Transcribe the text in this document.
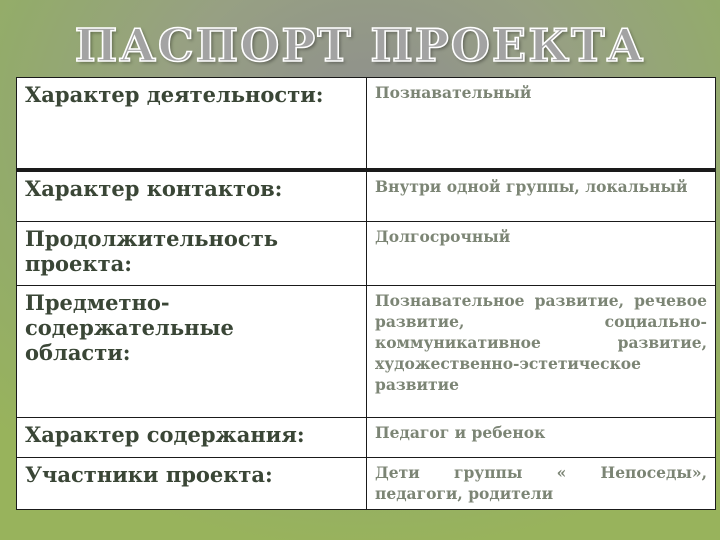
ПАСПОРТ ПРОЕКТА
Характер деятельности:	Познавательный
Характер контактов:	Внутри одной группы, локальный
Продолжительность проекта:	Долгосрочный
Предметно-содержательные области:	Познавательное развитие, речевое развитие, социально-коммуникативное развитие, художественно-эстетическое развитие
Характер содержания:	Педагог и ребенок
Участники проекта:	Дети группы « Непоседы», педагоги, родители
